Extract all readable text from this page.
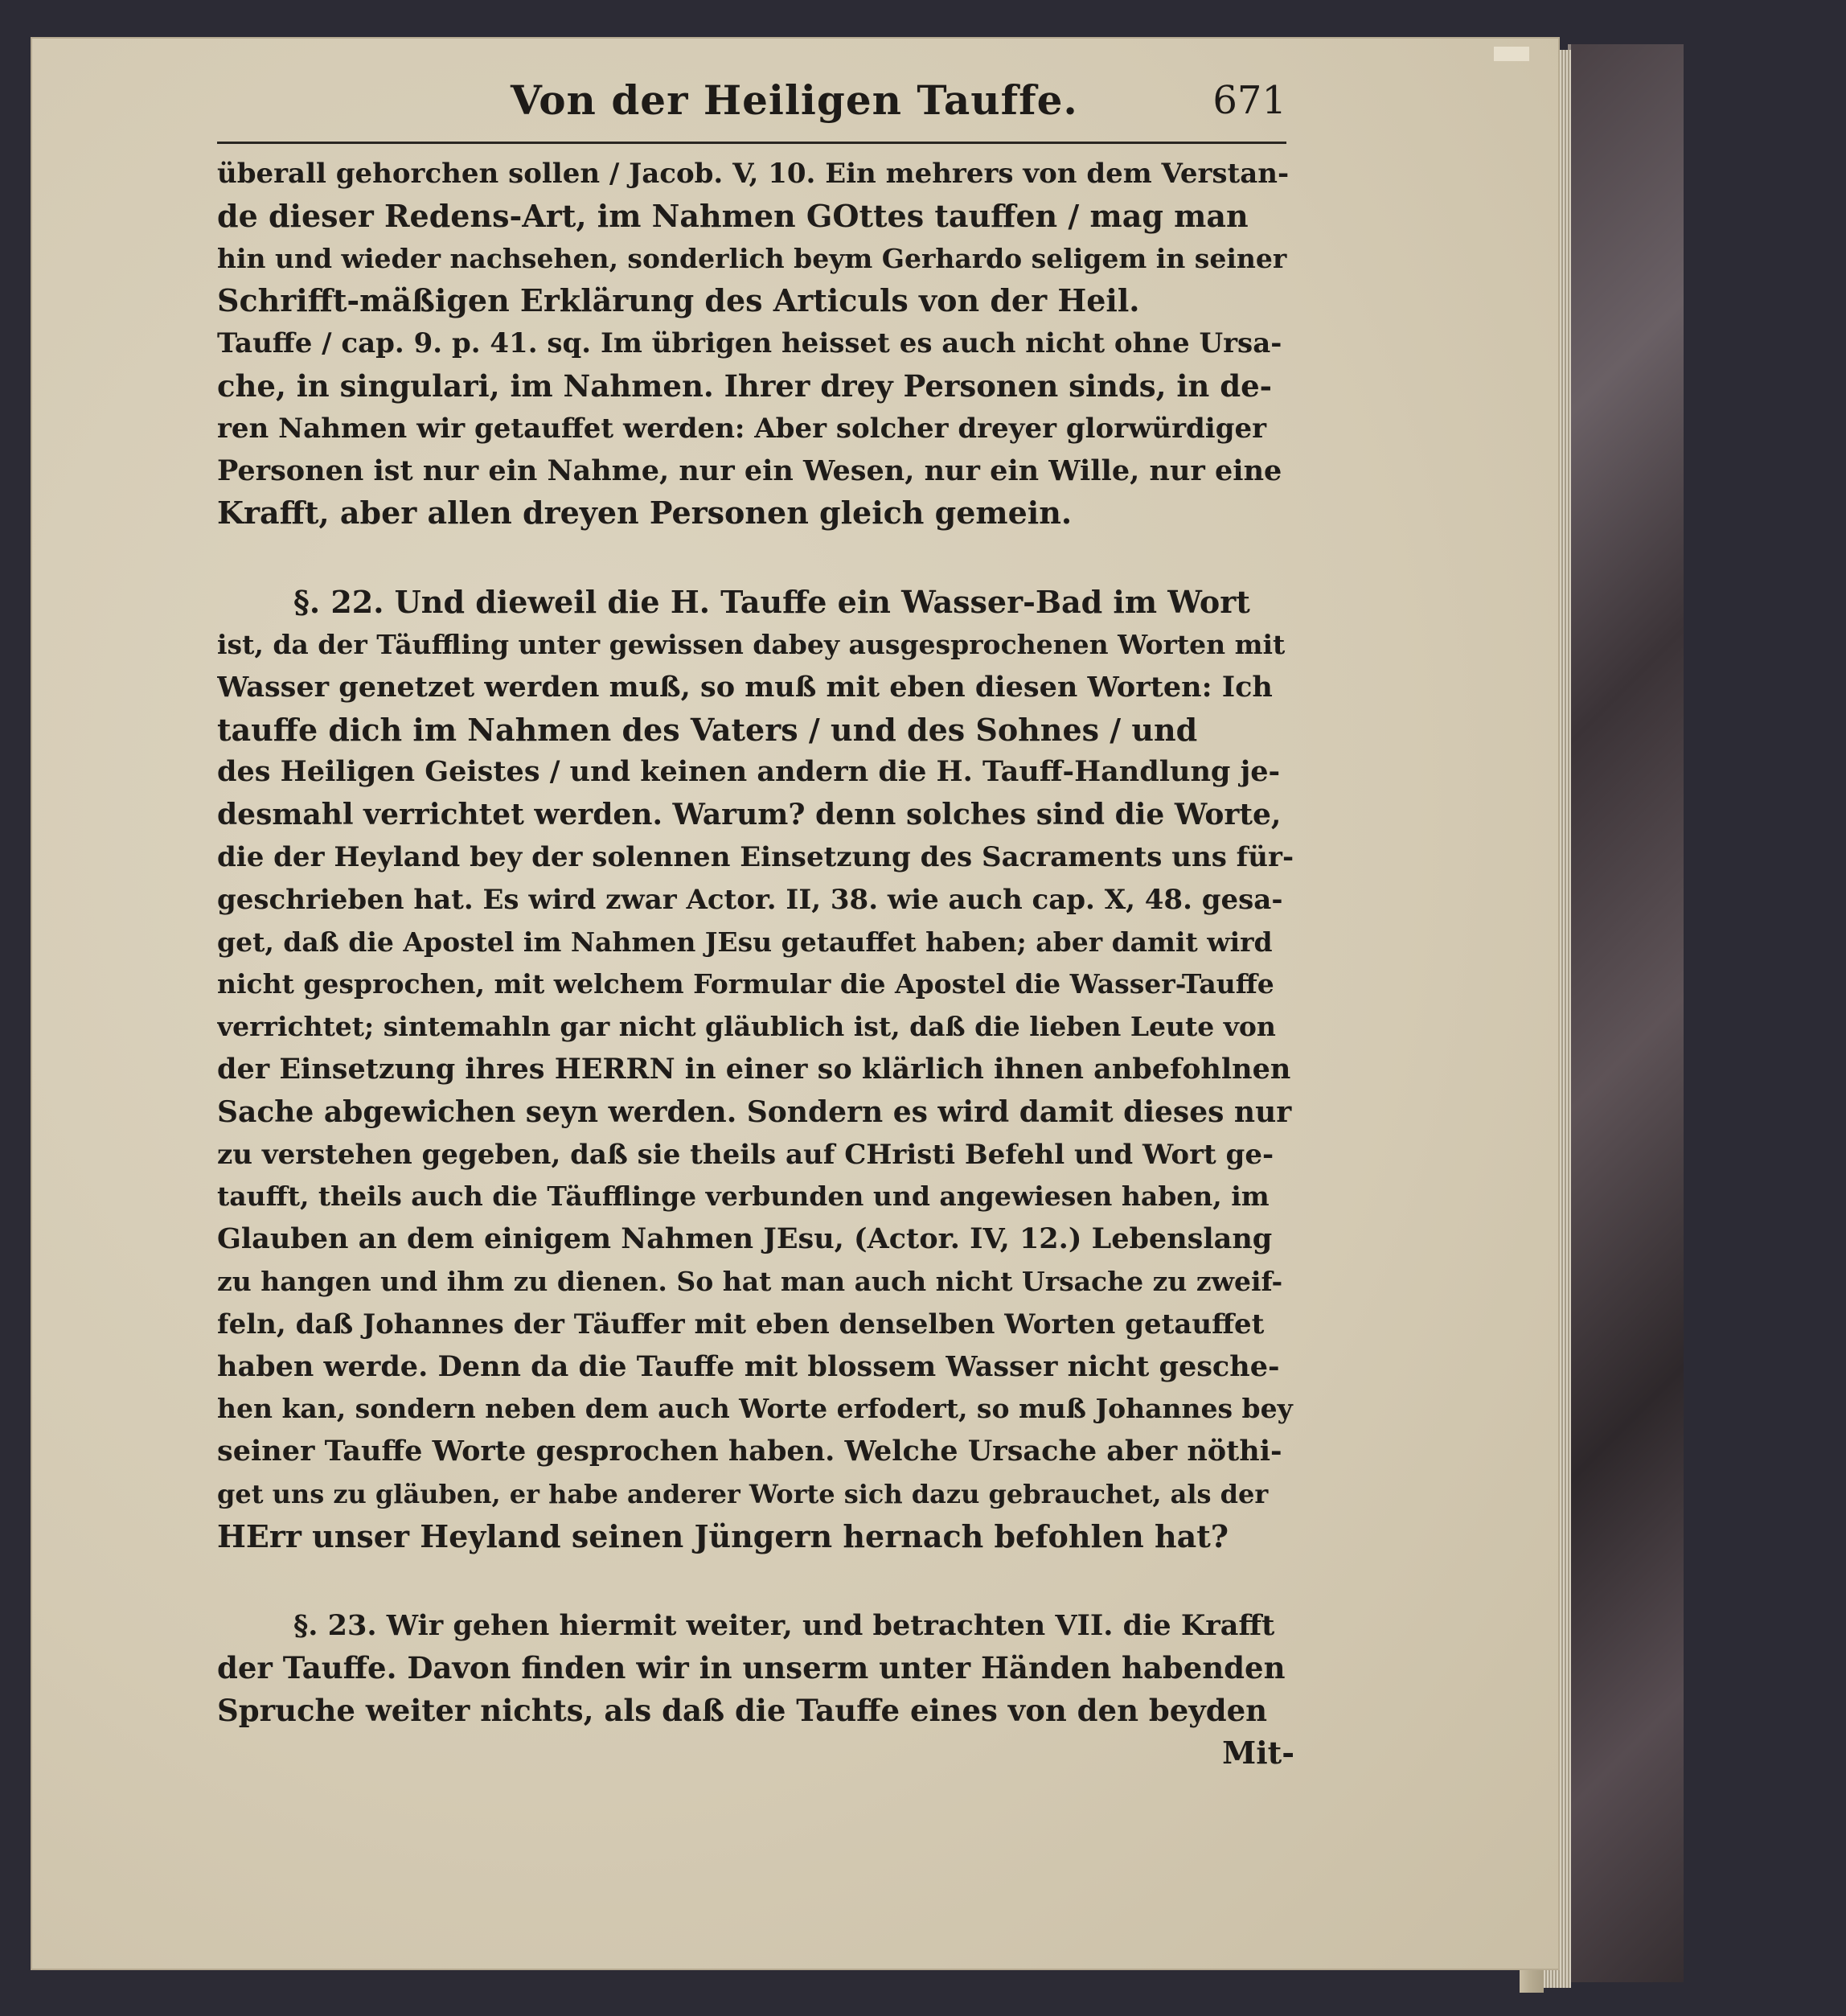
Von der Heiligen Tauffe.	671
überall gehorchen sollen / Jacob. V, 10. Ein mehrers von dem Verstan-
de dieser Redens-Art, im Nahmen GOttes tauffen / mag man
hin und wieder nachsehen, sonderlich beym Gerhardo seligem in seiner
Schrifft-mäßigen Erklärung des Articuls von der Heil.
Tauffe / cap. 9. p. 41. sq. Im übrigen heisset es auch nicht ohne Ursa-
che, in singulari, im Nahmen. Ihrer drey Personen sinds, in de-
ren Nahmen wir getauffet werden: Aber solcher dreyer glorwürdiger
Personen ist nur ein Nahme, nur ein Wesen, nur ein Wille, nur eine
Krafft, aber allen dreyen Personen gleich gemein.
§. 22. Und dieweil die H. Tauffe ein Wasser-Bad im Wort
ist, da der Täuffling unter gewissen dabey ausgesprochenen Worten mit
Wasser genetzet werden muß, so muß mit eben diesen Worten: Ich
tauffe dich im Nahmen des Vaters / und des Sohnes / und
des Heiligen Geistes / und keinen andern die H. Tauff-Handlung je-
desmahl verrichtet werden. Warum? denn solches sind die Worte,
die der Heyland bey der solennen Einsetzung des Sacraments uns für-
geschrieben hat. Es wird zwar Actor. II, 38. wie auch cap. X, 48. gesa-
get, daß die Apostel im Nahmen JEsu getauffet haben; aber damit wird
nicht gesprochen, mit welchem Formular die Apostel die Wasser-Tauffe
verrichtet; sintemahln gar nicht gläublich ist, daß die lieben Leute von
der Einsetzung ihres HERRN in einer so klärlich ihnen anbefohlnen
Sache abgewichen seyn werden. Sondern es wird damit dieses nur
zu verstehen gegeben, daß sie theils auf CHristi Befehl und Wort ge-
taufft, theils auch die Täufflinge verbunden und angewiesen haben, im
Glauben an dem einigem Nahmen JEsu, (Actor. IV, 12.) Lebenslang
zu hangen und ihm zu dienen. So hat man auch nicht Ursache zu zweif-
feln, daß Johannes der Täuffer mit eben denselben Worten getauffet
haben werde. Denn da die Tauffe mit blossem Wasser nicht gesche-
hen kan, sondern neben dem auch Worte erfodert, so muß Johannes bey
seiner Tauffe Worte gesprochen haben. Welche Ursache aber nöthi-
get uns zu gläuben, er habe anderer Worte sich dazu gebrauchet, als der
HErr unser Heyland seinen Jüngern hernach befohlen hat?
§. 23. Wir gehen hiermit weiter, und betrachten VII. die Krafft
der Tauffe. Davon finden wir in unserm unter Händen habenden
Spruche weiter nichts, als daß die Tauffe eines von den beyden
Mit-
